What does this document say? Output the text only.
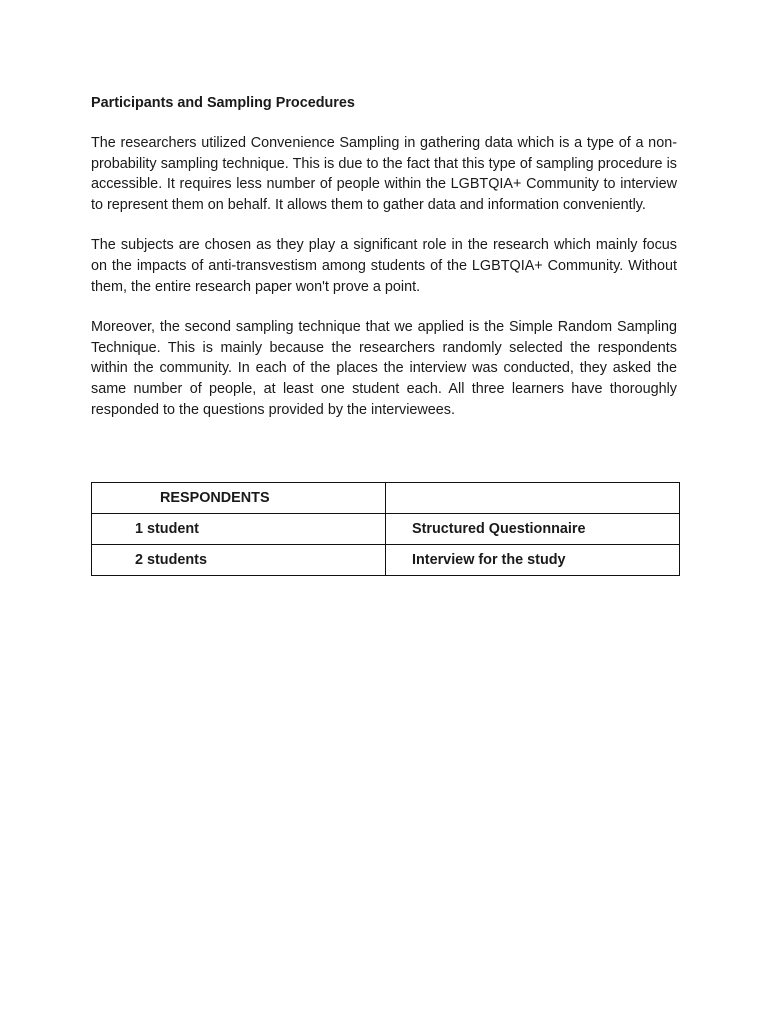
Participants and Sampling Procedures

The researchers utilized Convenience Sampling in gathering data which is a type of a non-probability sampling technique. This is due to the fact that this type of sampling procedure is accessible. It requires less number of people within the LGBTQIA+ Community to interview to represent them on behalf. It allows them to gather data and information conveniently.

The subjects are chosen as they play a significant role in the research which mainly focus on the impacts of anti-transvestism among students of the LGBTQIA+ Community. Without them, the entire research paper won't prove a point.

Moreover, the second sampling technique that we applied is the Simple Random Sampling Technique. This is mainly because the researchers randomly selected the respondents within the community. In each of the places the interview was conducted, they asked the same number of people, at least one student each. All three learners have thoroughly responded to the questions provided by the interviewees.

RESPONDENTS	
1 student	Structured Questionnaire
2 students	Interview for the study
